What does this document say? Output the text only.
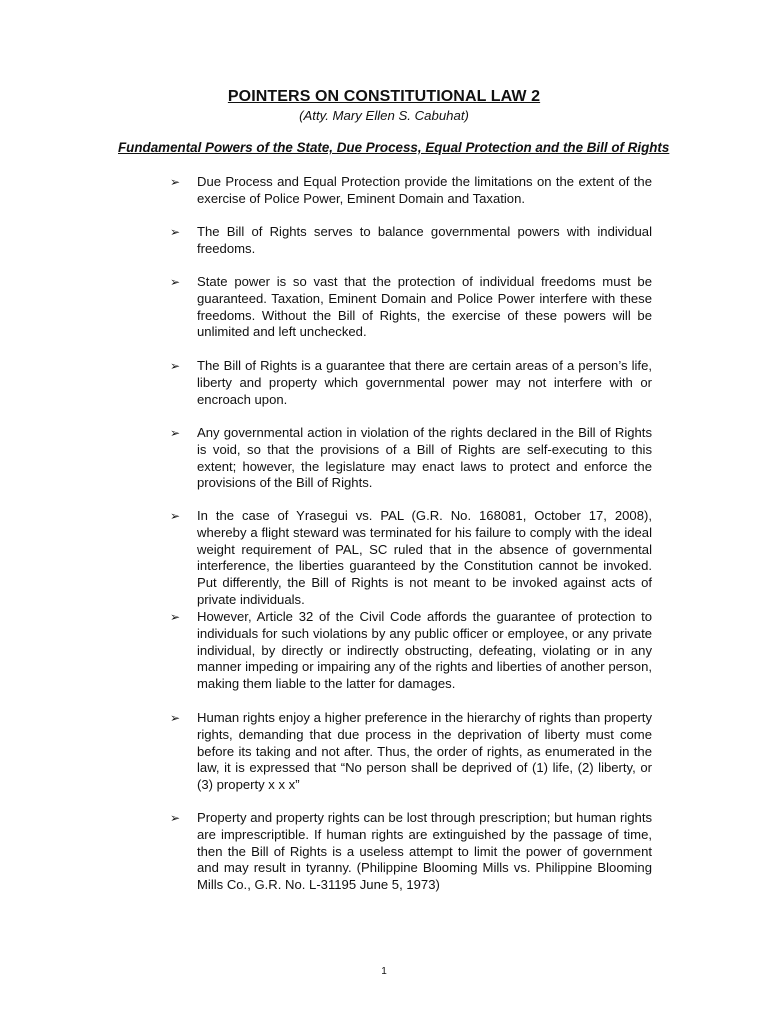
POINTERS ON CONSTITUTIONAL LAW 2
(Atty. Mary Ellen S. Cabuhat)
Fundamental Powers of the State, Due Process, Equal Protection and the Bill of Rights
➢ Due Process and Equal Protection provide the limitations on the extent of the exercise of Police Power, Eminent Domain and Taxation.
➢ The Bill of Rights serves to balance governmental powers with individual freedoms.
➢ State power is so vast that the protection of individual freedoms must be guaranteed. Taxation, Eminent Domain and Police Power interfere with these freedoms. Without the Bill of Rights, the exercise of these powers will be unlimited and left unchecked.
➢ The Bill of Rights is a guarantee that there are certain areas of a person’s life, liberty and property which governmental power may not interfere with or encroach upon.
➢ Any governmental action in violation of the rights declared in the Bill of Rights is void, so that the provisions of a Bill of Rights are self-executing to this extent; however, the legislature may enact laws to protect and enforce the provisions of the Bill of Rights.
➢ In the case of Yrasegui vs. PAL (G.R. No. 168081, October 17, 2008), whereby a flight steward was terminated for his failure to comply with the ideal weight requirement of PAL, SC ruled that in the absence of governmental interference, the liberties guaranteed by the Constitution cannot be invoked. Put differently, the Bill of Rights is not meant to be invoked against acts of private individuals.
➢ However, Article 32 of the Civil Code affords the guarantee of protection to individuals for such violations by any public officer or employee, or any private individual, by directly or indirectly obstructing, defeating, violating or in any manner impeding or impairing any of the rights and liberties of another person, making them liable to the latter for damages.
➢ Human rights enjoy a higher preference in the hierarchy of rights than property rights, demanding that due process in the deprivation of liberty must come before its taking and not after. Thus, the order of rights, as enumerated in the law, it is expressed that “No person shall be deprived of (1) life, (2) liberty, or (3) property x x x”
➢ Property and property rights can be lost through prescription; but human rights are imprescriptible. If human rights are extinguished by the passage of time, then the Bill of Rights is a useless attempt to limit the power of government and may result in tyranny. (Philippine Blooming Mills vs. Philippine Blooming Mills Co., G.R. No. L-31195 June 5, 1973)
1
